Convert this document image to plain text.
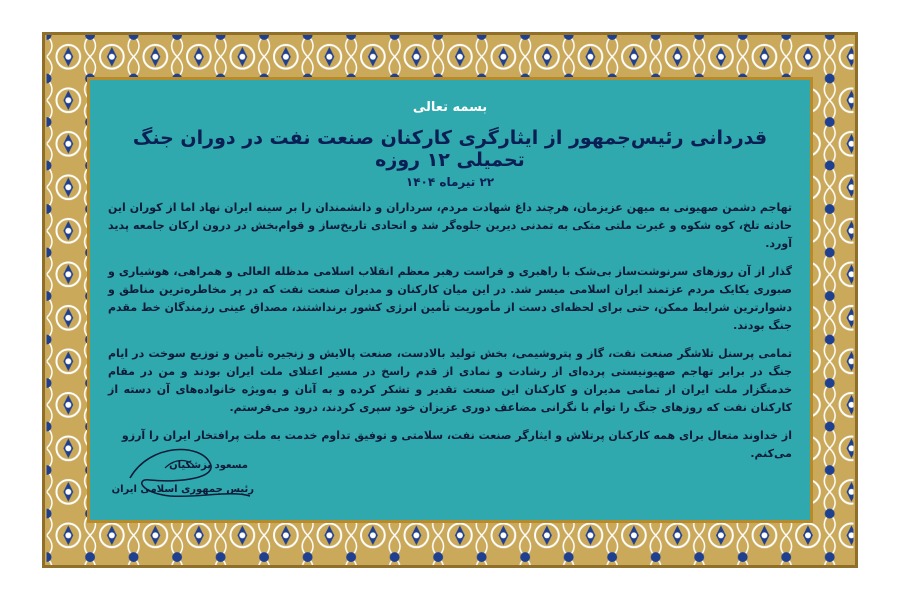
بسمه تعالی
قدردانی رئیس‌جمهور از ایثارگری کارکنان صنعت نفت در دوران جنگ تحمیلی ۱۲ روزه
۲۲ تیرماه ۱۴۰۴
تهاجم دشمن صهیونی به میهن عزیزمان، هرچند داغ شهادت مردم، سرداران و دانشمندان را بر سینه ایران نهاد اما از کوران این حادثه تلخ، کوه شکوه و غیرت ملتی متکی به تمدنی دیرین جلوه‌گر شد و اتحادی تاریخ‌ساز و قوام‌بخش در درون ارکان جامعه پدید آورد.
گذار از آن روزهای سرنوشت‌ساز بی‌شک با راهبری و فراست رهبر معظم انقلاب اسلامی مدظله العالی و همراهی، هوشیاری و صبوری یکایک مردم عزتمند ایران اسلامی میسر شد. در این میان کارکنان و مدیران صنعت نفت که در پر مخاطره‌ترین مناطق و دشوارترین شرایط ممکن، حتی برای لحظه‌ای دست از مأموریت تأمین انرژی کشور برنداشتند، مصداق عینی رزمندگان خط مقدم جنگ بودند.
تمامی پرسنل تلاشگر صنعت نفت، گاز و پتروشیمی، بخش تولید بالادست، صنعت پالایش و زنجیره تأمین و توزیع سوخت در ایام جنگ در برابر تهاجم صهیونیستی پرده‌ای از رشادت و نمادی از قدم راسخ در مسیر اعتلای ملت ایران بودند و من در مقام خدمتگزار ملت ایران از تمامی مدیران و کارکنان این صنعت تقدیر و تشکر کرده و به آنان و به‌ویژه خانواده‌های آن دسته از کارکنان نفت که روزهای جنگ را توأم با نگرانی مضاعف دوری عزیزان خود سپری کردند، درود می‌فرستم.
از خداوند متعال برای همه کارکنان پرتلاش و ایثارگر صنعت نفت، سلامتی و توفیق تداوم خدمت به ملت پرافتخار ایران را آرزو می‌کنم.
مسعود پزشکیان
رئیس جمهوری اسلامی ایران
